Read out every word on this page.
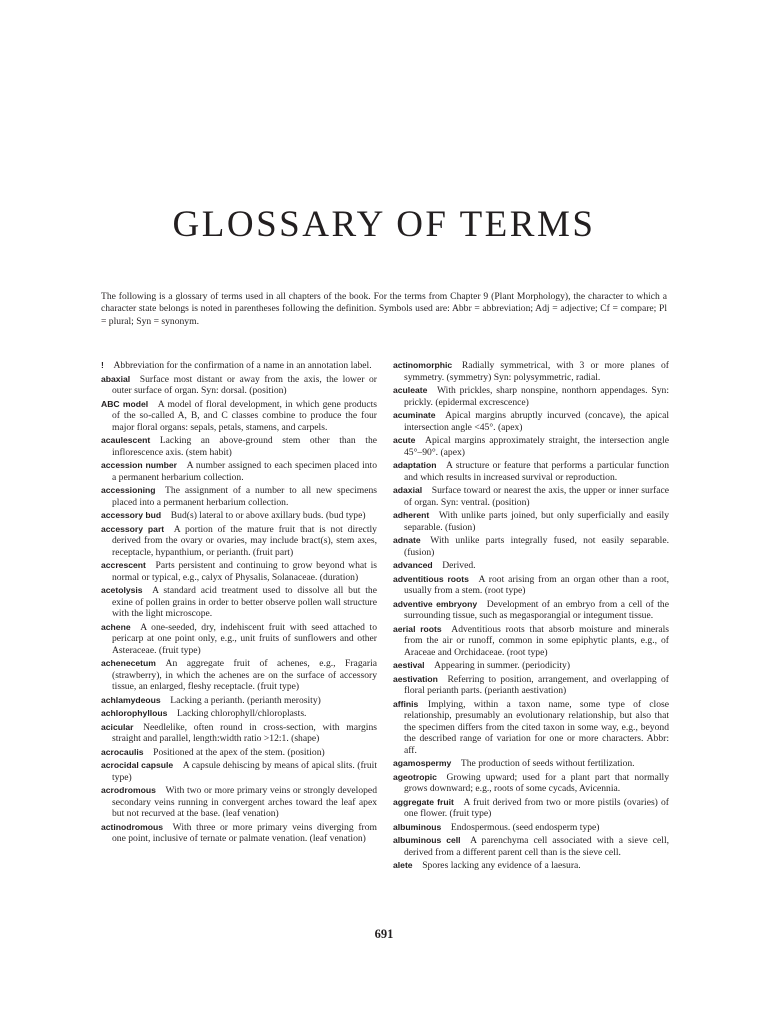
GLOSSARY OF TERMS
The following is a glossary of terms used in all chapters of the book. For the terms from Chapter 9 (Plant Morphology), the character to which a character state belongs is noted in parentheses following the definition. Symbols used are: Abbr = abbreviation; Adj = adjective; Cf = compare; Pl = plural; Syn = synonym.

!  Abbreviation for the confirmation of a name in an annotation label.

abaxial  Surface most distant or away from the axis, the lower or outer surface of organ. Syn: dorsal. (position)

ABC model  A model of floral development, in which gene products of the so-called A, B, and C classes combine to produce the four major floral organs: sepals, petals, stamens, and carpels.

acaulescent  Lacking an above-ground stem other than the inflorescence axis. (stem habit)

accession number  A number assigned to each specimen placed into a permanent herbarium collection.

accessioning  The assignment of a number to all new specimens placed into a permanent herbarium collection.

accessory bud  Bud(s) lateral to or above axillary buds. (bud type)

accessory part  A portion of the mature fruit that is not directly derived from the ovary or ovaries, may include bract(s), stem axes, receptacle, hypanthium, or perianth. (fruit part)

accrescent  Parts persistent and continuing to grow beyond what is normal or typical, e.g., calyx of Physalis, Solanaceae. (duration)

acetolysis  A standard acid treatment used to dissolve all but the exine of pollen grains in order to better observe pollen wall structure with the light microscope.

achene  A one-seeded, dry, indehiscent fruit with seed attached to pericarp at one point only, e.g., unit fruits of sunflowers and other Asteraceae. (fruit type)

achenecetum  An aggregate fruit of achenes, e.g., Fragaria (strawberry), in which the achenes are on the surface of accessory tissue, an enlarged, fleshy receptacle. (fruit type)

achlamydeous  Lacking a perianth. (perianth merosity)

achlorophyllous  Lacking chlorophyll/chloroplasts.

acicular  Needlelike, often round in cross-section, with margins straight and parallel, length:width ratio >12:1. (shape)

acrocaulis  Positioned at the apex of the stem. (position)

acrocidal capsule  A capsule dehiscing by means of apical slits. (fruit type)

acrodromous  With two or more primary veins or strongly developed secondary veins running in convergent arches toward the leaf apex but not recurved at the base. (leaf venation)

actinodromous  With three or more primary veins diverging from one point, inclusive of ternate or palmate venation. (leaf venation)

actinomorphic  Radially symmetrical, with 3 or more planes of symmetry. (symmetry) Syn: polysymmetric, radial.

aculeate  With prickles, sharp nonspine, nonthorn appendages. Syn: prickly. (epidermal excrescence)

acuminate  Apical margins abruptly incurved (concave), the apical intersection angle <45°. (apex)

acute  Apical margins approximately straight, the intersection angle 45°–90°. (apex)

adaptation  A structure or feature that performs a particular function and which results in increased survival or reproduction.

adaxial  Surface toward or nearest the axis, the upper or inner surface of organ. Syn: ventral. (position)

adherent  With unlike parts joined, but only superficially and easily separable. (fusion)

adnate  With unlike parts integrally fused, not easily separable. (fusion)

advanced  Derived.

adventitious roots  A root arising from an organ other than a root, usually from a stem. (root type)

adventive embryony  Development of an embryo from a cell of the surrounding tissue, such as megasporangial or integument tissue.

aerial roots  Adventitious roots that absorb moisture and minerals from the air or runoff, common in some epiphytic plants, e.g., of Araceae and Orchidaceae. (root type)

aestival  Appearing in summer. (periodicity)

aestivation  Referring to position, arrangement, and overlapping of floral perianth parts. (perianth aestivation)

affinis  Implying, within a taxon name, some type of close relationship, presumably an evolutionary relationship, but also that the specimen differs from the cited taxon in some way, e.g., beyond the described range of variation for one or more characters. Abbr: aff.

agamospermy  The production of seeds without fertilization.

ageotropic  Growing upward; used for a plant part that normally grows downward; e.g., roots of some cycads, Avicennia.

aggregate fruit  A fruit derived from two or more pistils (ovaries) of one flower. (fruit type)

albuminous  Endospermous. (seed endosperm type)

albuminous cell  A parenchyma cell associated with a sieve cell, derived from a different parent cell than is the sieve cell.

alete  Spores lacking any evidence of a laesura.

691
